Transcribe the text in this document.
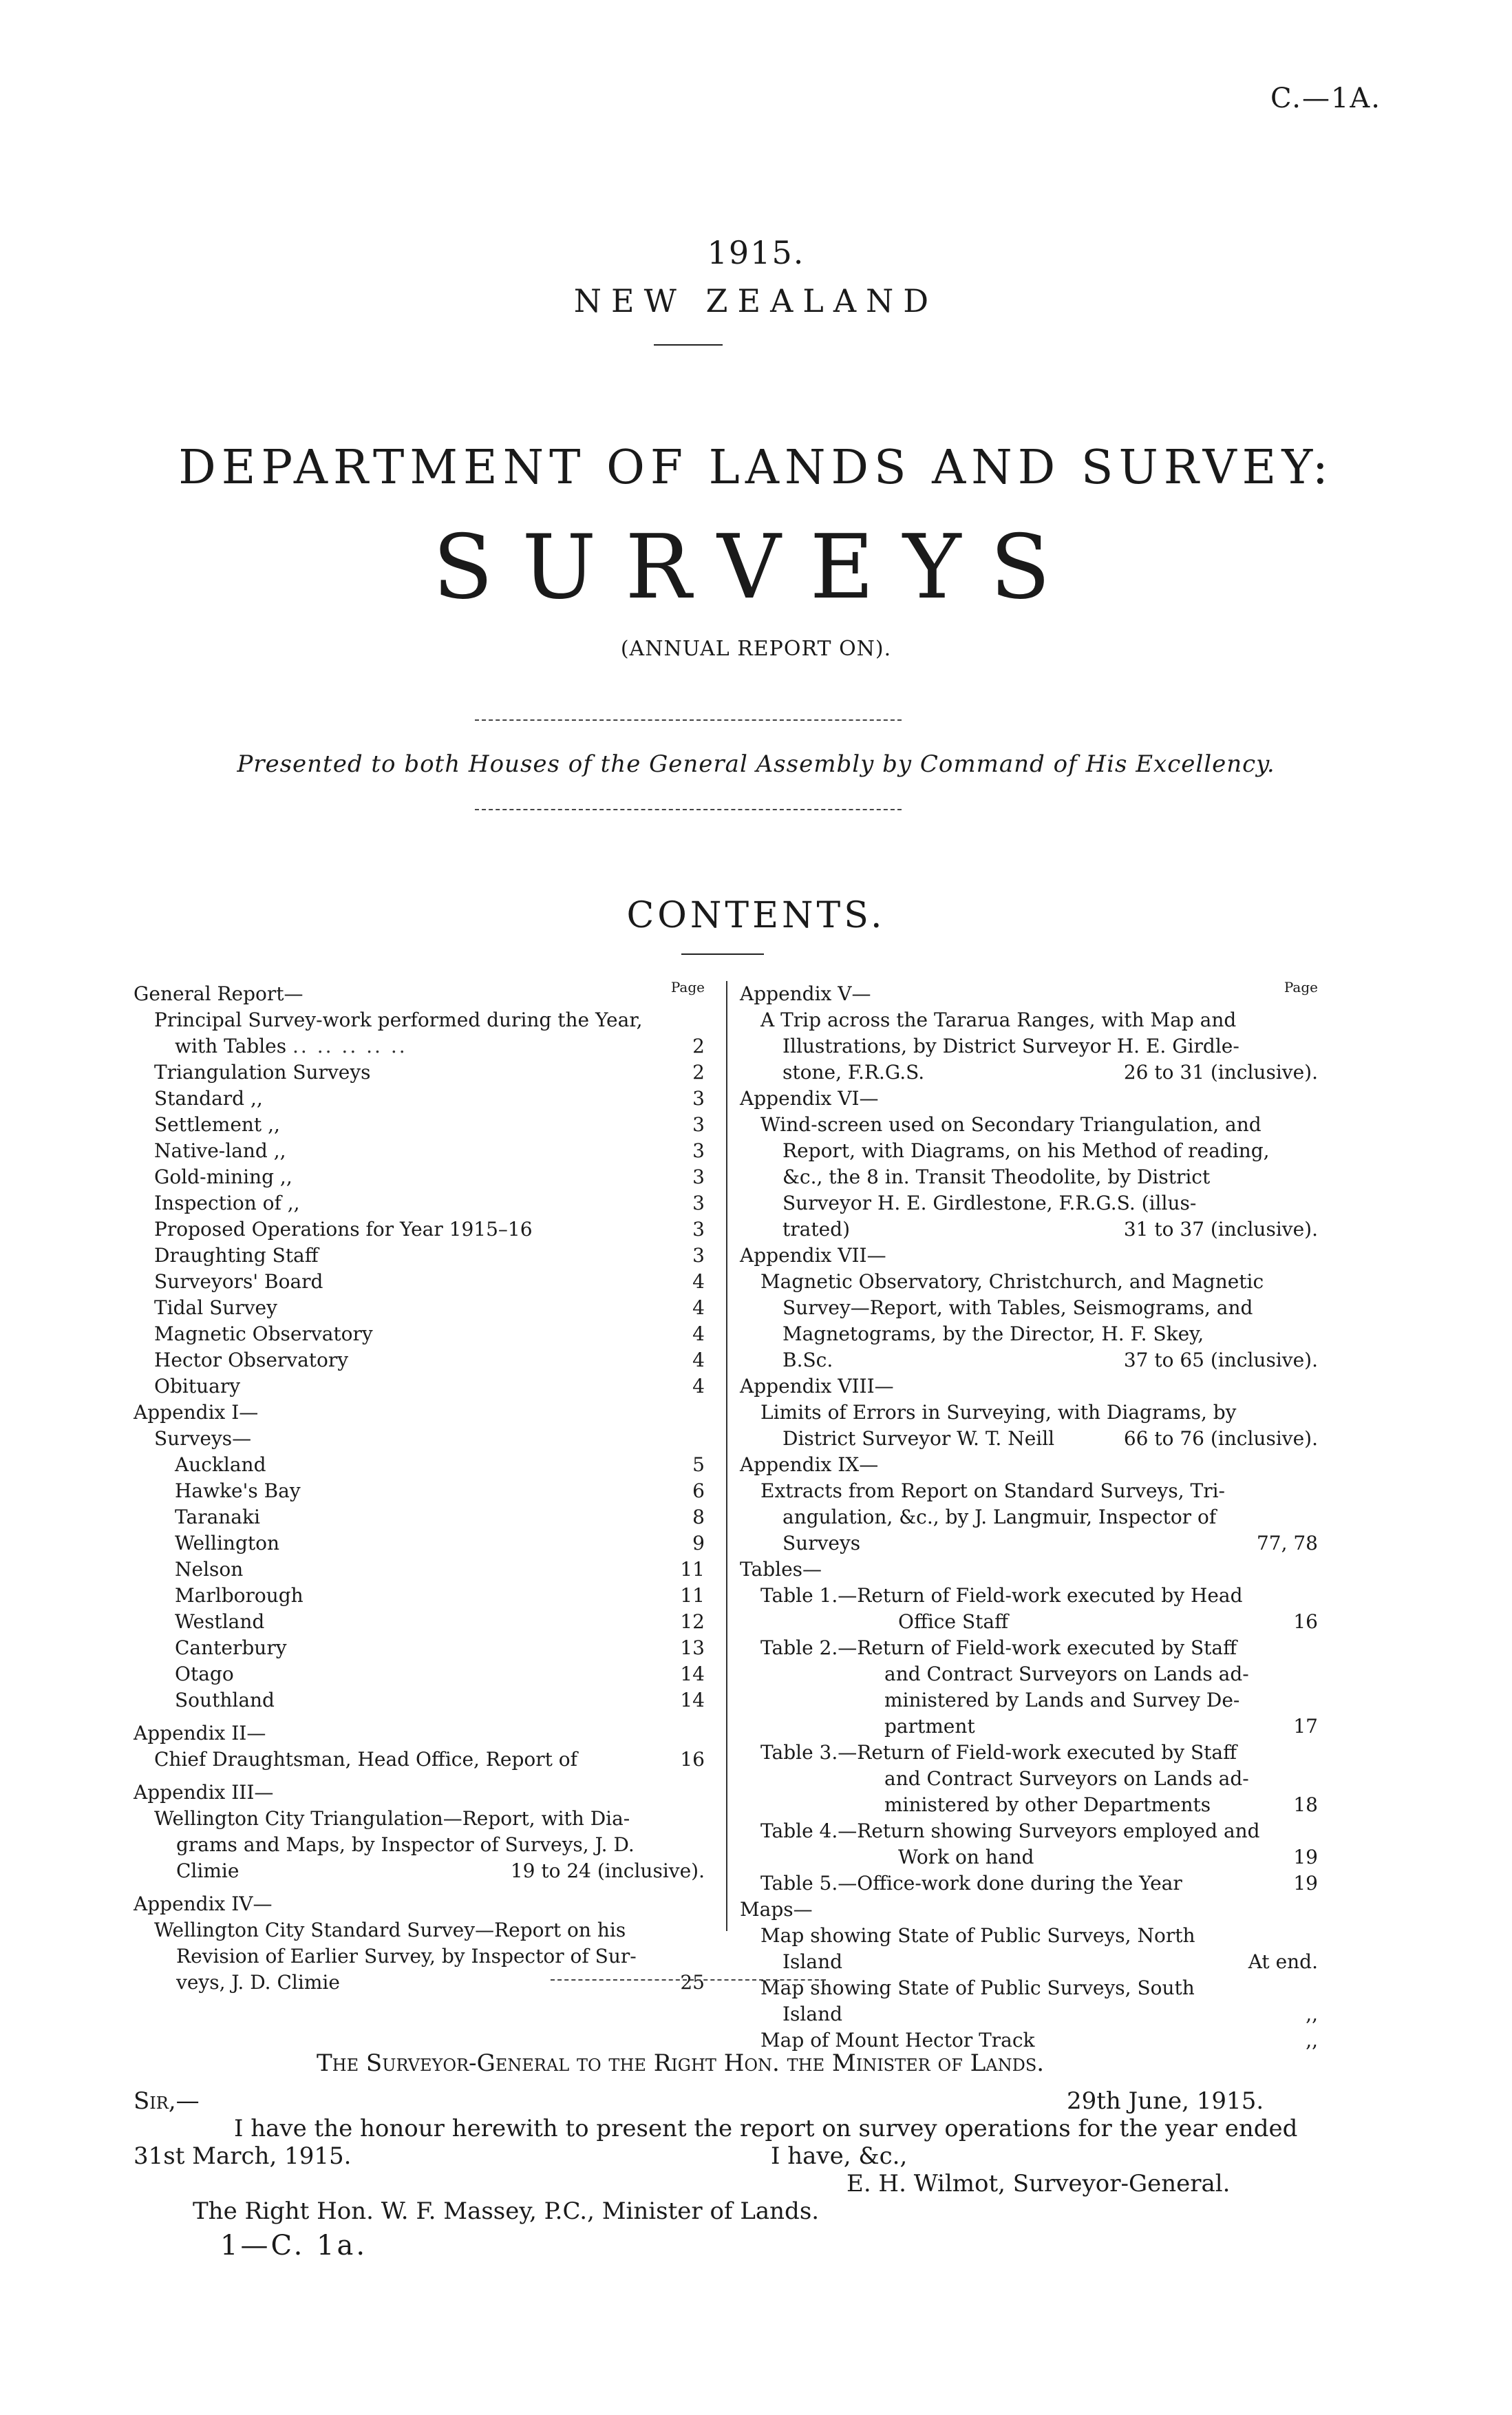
C.—1A.
1915.
NEW ZEALAND
DEPARTMENT OF LANDS AND SURVEY:
SURVEYS
(ANNUAL REPORT ON).
Presented to both Houses of the General Assembly by Command of His Excellency.
CONTENTS.
Page
General Report—
Principal Survey-work performed during the Year,
with Tables .. .. .. .. ..	2
Triangulation Surveys	2
Standard ,,	3
Settlement ,,	3
Native-land ,,	3
Gold-mining ,,	3
Inspection of ,,	3
Proposed Operations for Year 1915–16	3
Draughting Staff	3
Surveyors' Board	4
Tidal Survey	4
Magnetic Observatory	4
Hector Observatory	4
Obituary	4
Appendix I—
Surveys—
Auckland	5
Hawke's Bay	6
Taranaki	8
Wellington	9
Nelson	11
Marlborough	11
Westland	12
Canterbury	13
Otago	14
Southland	14
Appendix II—
Chief Draughtsman, Head Office, Report of	16
Appendix III—
Wellington City Triangulation—Report, with Dia-
grams and Maps, by Inspector of Surveys, J. D.
Climie	19 to 24 (inclusive).
Appendix IV—
Wellington City Standard Survey—Report on his
Revision of Earlier Survey, by Inspector of Sur-
veys, J. D. Climie	25
Page
Appendix V—
A Trip across the Tararua Ranges, with Map and
Illustrations, by District Surveyor H. E. Girdle-
stone, F.R.G.S.	26 to 31 (inclusive).
Appendix VI—
Wind-screen used on Secondary Triangulation, and
Report, with Diagrams, on his Method of reading,
&c., the 8 in. Transit Theodolite, by District
Surveyor H. E. Girdlestone, F.R.G.S. (illus-
trated)	31 to 37 (inclusive).
Appendix VII—
Magnetic Observatory, Christchurch, and Magnetic
Survey—Report, with Tables, Seismograms, and
Magnetograms, by the Director, H. F. Skey,
B.Sc.	37 to 65 (inclusive).
Appendix VIII—
Limits of Errors in Surveying, with Diagrams, by
District Surveyor W. T. Neill	66 to 76 (inclusive).
Appendix IX—
Extracts from Report on Standard Surveys, Tri-
angulation, &c., by J. Langmuir, Inspector of
Surveys	77, 78
Tables—
Table 1.—Return of Field-work executed by Head
Office Staff	16
Table 2.—Return of Field-work executed by Staff
and Contract Surveyors on Lands ad-
ministered by Lands and Survey De-
partment	17
Table 3.—Return of Field-work executed by Staff
and Contract Surveyors on Lands ad-
ministered by other Departments	18
Table 4.—Return showing Surveyors employed and
Work on hand	19
Table 5.—Office-work done during the Year	19
Maps—
Map showing State of Public Surveys, North
Island	At end.
Map showing State of Public Surveys, South
Island	,,
Map of Mount Hector Track	,,
The Surveyor-General to the Right Hon. the Minister of Lands.
Sir,—	29th June, 1915.
I have the honour herewith to present the report on survey operations for the year ended
31st March, 1915.	I have, &c.,
E. H. Wilmot, Surveyor-General.
The Right Hon. W. F. Massey, P.C., Minister of Lands.
1—C. 1a.
